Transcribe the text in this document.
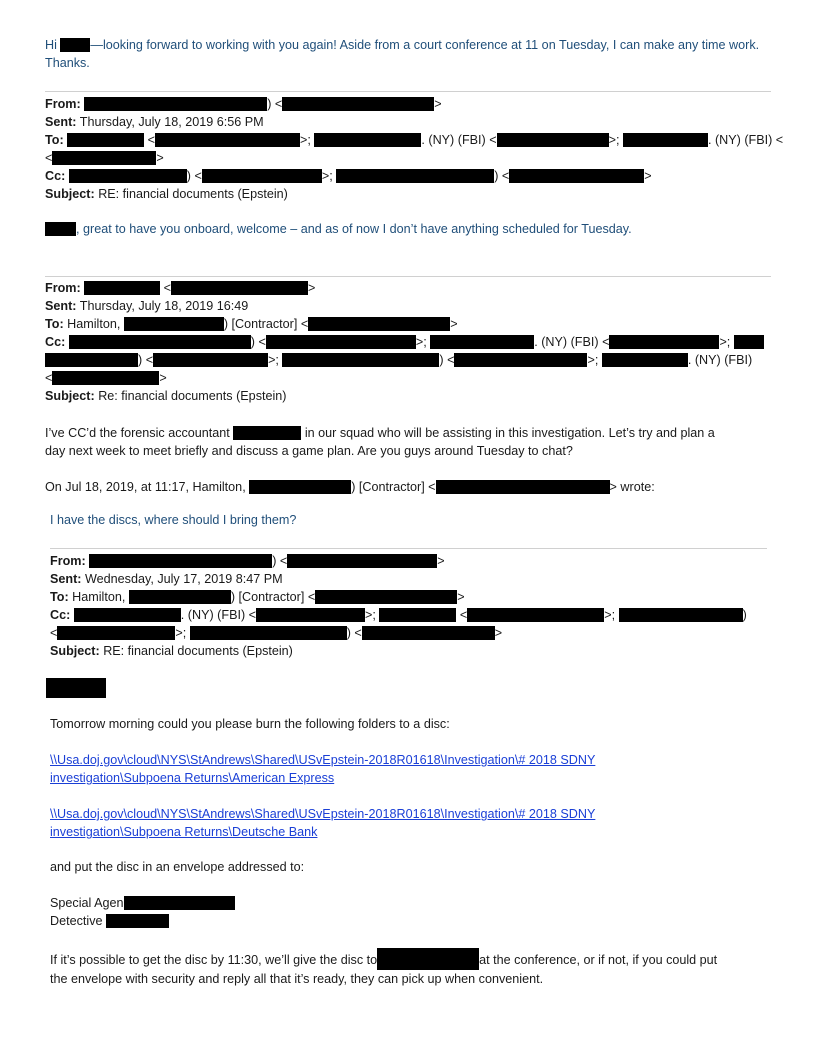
Hi	—looking forward to working with you again! Aside from a court conference at 11 on Tuesday, I can make any time work. Thanks.
From:	) <	>
Sent: Thursday, July 18, 2019 6:56 PM
To:	<	>;	. (NY) (FBI) <	>;	. (NY) (FBI) <
<	>
Cc:	) <	>;	) <	>
Subject: RE: financial documents (Epstein)
, great to have you onboard, welcome – and as of now I don’t have anything scheduled for Tuesday.
From:	<	>
Sent: Thursday, July 18, 2019 16:49
To: Hamilton,	) [Contractor] <	>
Cc:	) <	>;	. (NY) (FBI) <	>;
) <	>;	) <	>;	. (NY) (FBI)
<	>
Subject: Re: financial documents (Epstein)
I’ve CC’d the forensic accountant	in our squad who will be assisting in this investigation. Let’s try and plan a
day next week to meet briefly and discuss a game plan. Are you guys around Tuesday to chat?
On Jul 18, 2019, at 11:17, Hamilton,	) [Contractor] <	> wrote:
I have the discs, where should I bring them?
From:	) <	>
Sent: Wednesday, July 17, 2019 8:47 PM
To: Hamilton,	) [Contractor] <	>
Cc:	. (NY) (FBI) <	>;	<	>;	)
<	>;	) <	>
Subject: RE: financial documents (Epstein)
Tomorrow morning could you please burn the following folders to a disc:
\\Usa.doj.gov\cloud\NYS\StAndrews\Shared\USvEpstein-2018R01618\Investigation\# 2018 SDNY
investigation\Subpoena Returns\American Express
\\Usa.doj.gov\cloud\NYS\StAndrews\Shared\USvEpstein-2018R01618\Investigation\# 2018 SDNY
investigation\Subpoena Returns\Deutsche Bank
and put the disc in an envelope addressed to:
Special Agen
Detective
If it’s possible to get the disc by 11:30, we’ll give the disc to	at the conference, or if not, if you could put
the envelope with security and reply all that it’s ready, they can pick up when convenient.
